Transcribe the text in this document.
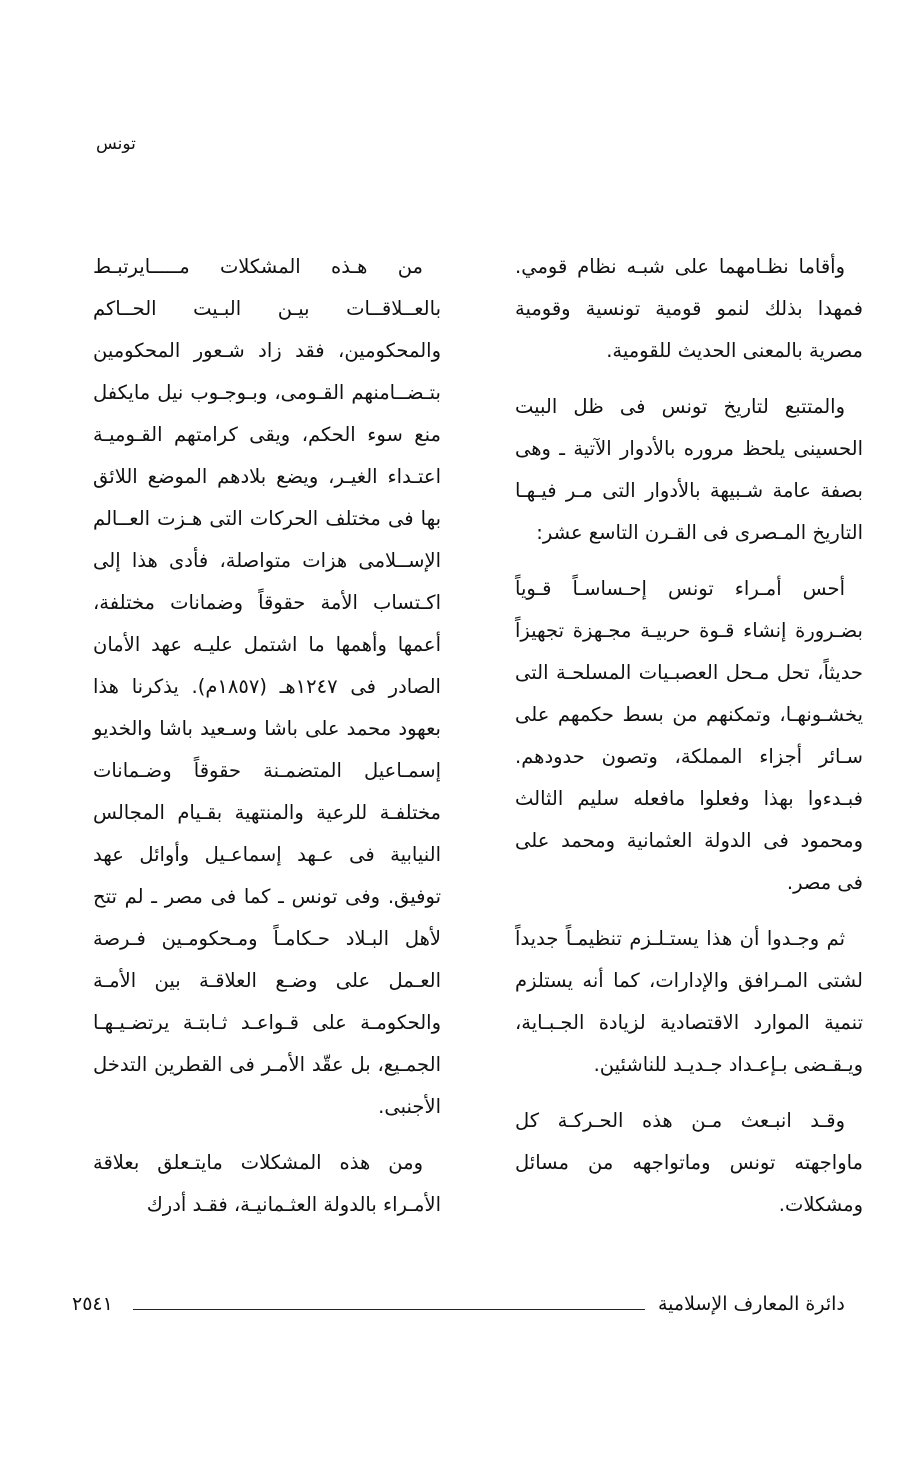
تونس

وأقاما نظـامهما على شبـه نظام قومي. فمهدا بذلك لنمو قومية تونسية وقومية مصرية بالمعنى الحديث للقومية.

والمتتبع لتاريخ تونس فى ظل البيت الحسينى يلحظ مروره بالأدوار الآتية ـ وهى بصفة عامة شـبيهة بالأدوار التى مـر فيـهـا التاريخ المـصرى فى القـرن التاسع عشر:

أحس أمـراء تونس إحـساسـاً قـوياً بضـرورة إنشاء قـوة حربيـة مجـهزة تجهيزاً حديثاً، تحل مـحل العصبـيات المسلحـة التى يخشـونهـا، وتمكنهم من بسط حكمهم على سـائر أجزاء المملكة، وتصون حدودهم. فبـدءوا بهذا وفعلوا مافعله سليم الثالث ومحمود فى الدولة العثمانية ومحمد على فى مصر.

ثم وجـدوا أن هذا يستـلـزم تنظيمـاً جديداً لشتى المـرافق والإدارات، كما أنه يستلزم تنمية الموارد الاقتصادية لزيادة الجـبـاية، ويـقـضى بـإعـداد جـديـد للناشئين.

وقـد انبـعث مـن هذه الحـركـة كل ماواجهته تونس وماتواجهه من مسائل ومشكلات.

من هـذه المشكلات مـــــايرتبـط بالعــلاقــات بيـن البـيت الحــاكم والمحكومين، فقد زاد شـعور المحكومين بتـضــامنهم القـومى، وبـوجـوب نيل مايكفل منع سوء الحكم، ويقى كرامتهم القـوميـة اعتـداء الغيـر، ويضع بلادهم الموضع اللائق بها فى مختلف الحركات التى هـزت العــالم الإســلامى هزات متواصلة، فأدى هذا إلى اكـتساب الأمة حقوقاً وضمانات مختلفة، أعمها وأهمها ما اشتمل عليـه عهد الأمان الصادر فى ١٢٤٧هـ (١٨٥٧م). يذكرنا هذا بعهود محمد على باشا وسـعيد باشا والخديو إسمـاعيل المتضمـنة حقوقاً وضـمانات مختلفـة للرعية والمنتهية بقـيام المجالس النيابية فى عـهد إسماعـيل وأوائل عهد توفيق. وفى تونس ـ كما فى مصر ـ لم تتح لأهل البـلاد حـكامـاً ومـحكومـين فـرصة العـمل على وضـع العلاقـة بين الأمـة والحكومـة على قـواعـد ثـابتـة يرتضـيـهـا الجمـيع، بل عقّد الأمـر فى القطرين التدخل الأجنبى.

ومن هذه المشكلات مايتـعلق بعلاقة الأمـراء بالدولة العثـمانيـة، فقـد أدرك

دائرة المعارف الإسلامية
٢٥٤١
